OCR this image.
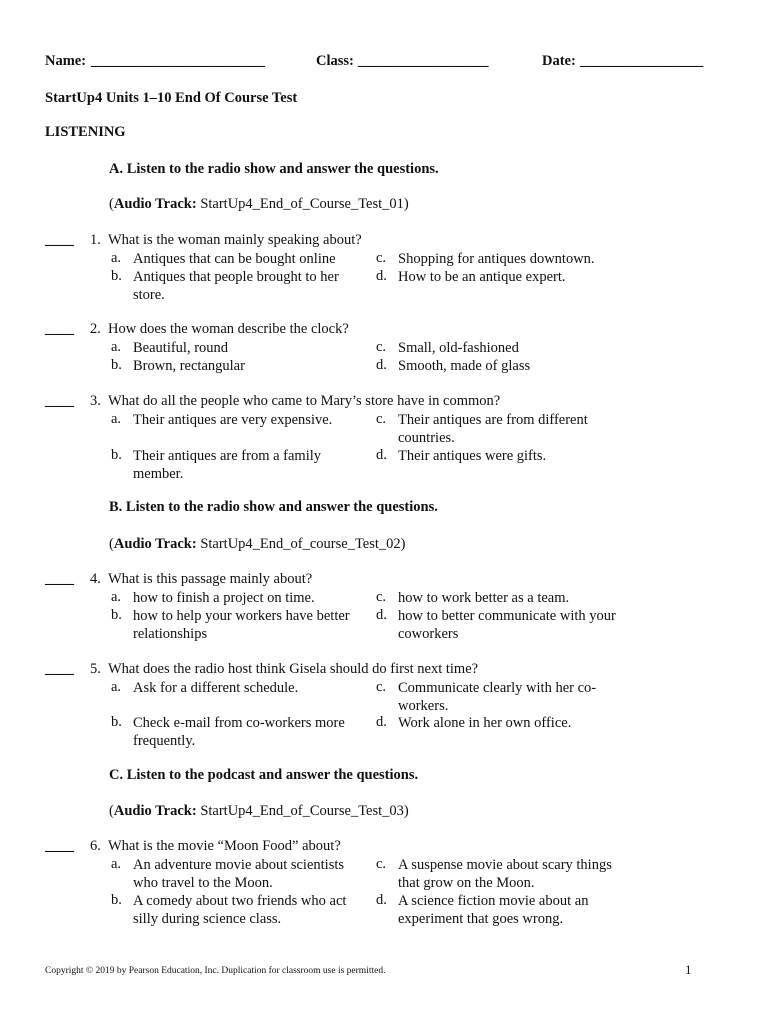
Name: ________________________	Class: __________________	Date: _________________
StartUp4 Units 1–10 End Of Course Test
LISTENING
A. Listen to the radio show and answer the questions.
(Audio Track: StartUp4_End_of_Course_Test_01)
____ 1. What is the woman mainly speaking about?
a. Antiques that can be bought online
b. Antiques that people brought to her store.
c. Shopping for antiques downtown.
d. How to be an antique expert.
____ 2. How does the woman describe the clock?
a. Beautiful, round
b. Brown, rectangular
c. Small, old-fashioned
d. Smooth, made of glass
____ 3. What do all the people who came to Mary’s store have in common?
a. Their antiques are very expensive.
b. Their antiques are from a family member.
c. Their antiques are from different countries.
d. Their antiques were gifts.
B. Listen to the radio show and answer the questions.
(Audio Track: StartUp4_End_of_course_Test_02)
____ 4. What is this passage mainly about?
a. how to finish a project on time.
b. how to help your workers have better relationships
c. how to work better as a team.
d. how to better communicate with your coworkers
____ 5. What does the radio host think Gisela should do first next time?
a. Ask for a different schedule.
b. Check e-mail from co-workers more frequently.
c. Communicate clearly with her co-workers.
d. Work alone in her own office.
C. Listen to the podcast and answer the questions.
(Audio Track: StartUp4_End_of_Course_Test_03)
____ 6. What is the movie “Moon Food” about?
a. An adventure movie about scientists who travel to the Moon.
b. A comedy about two friends who act silly during science class.
c. A suspense movie about scary things that grow on the Moon.
d. A science fiction movie about an experiment that goes wrong.
Copyright © 2019 by Pearson Education, Inc. Duplication for classroom use is permitted.	1
